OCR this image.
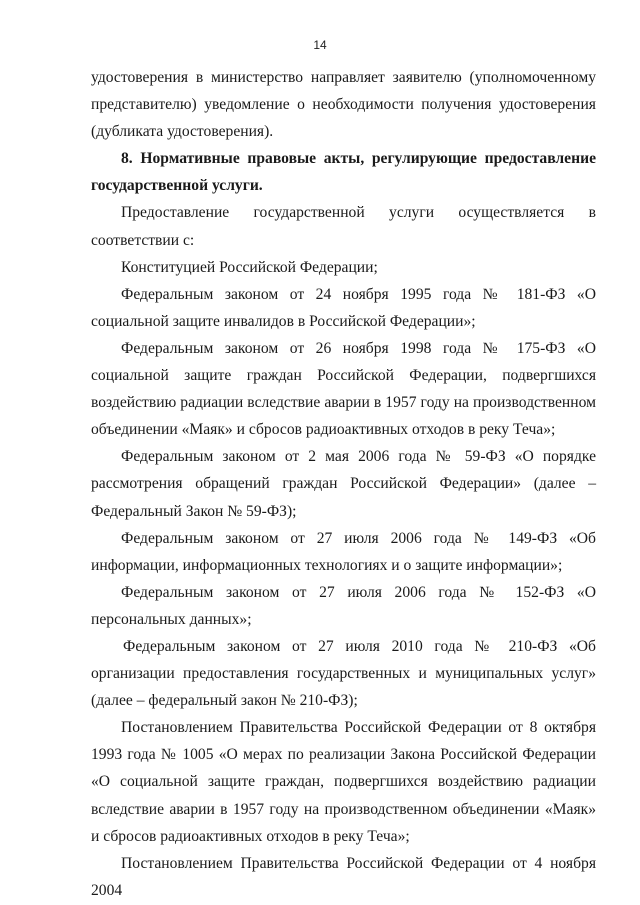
14

удостоверения в министерство направляет заявителю (уполномоченному представителю) уведомление о необходимости получения удостоверения (дубликата удостоверения).

8. Нормативные правовые акты, регулирующие предоставление государственной услуги.

Предоставление государственной услуги осуществляется в соответствии с:

Конституцией Российской Федерации;

Федеральным законом от 24 ноября 1995 года № 181-ФЗ «О социальной защите инвалидов в Российской Федерации»;

Федеральным законом от 26 ноября 1998 года № 175-ФЗ «О социальной защите граждан Российской Федерации, подвергшихся воздействию радиации вследствие аварии в 1957 году на производственном объединении «Маяк» и сбросов радиоактивных отходов в реку Теча»;

Федеральным законом от 2 мая 2006 года № 59-ФЗ «О порядке рассмотрения обращений граждан Российской Федерации» (далее – Федеральный Закон № 59-ФЗ);

Федеральным законом от 27 июля 2006 года № 149-ФЗ «Об информации, информационных технологиях и о защите информации»;

Федеральным законом от 27 июля 2006 года № 152-ФЗ «О персональных данных»;

Федеральным законом от 27 июля 2010 года № 210-ФЗ «Об организации предоставления государственных и муниципальных услуг» (далее – федеральный закон № 210-ФЗ);

Постановлением Правительства Российской Федерации от 8 октября 1993 года № 1005 «О мерах по реализации Закона Российской Федерации «О социальной защите граждан, подвергшихся воздействию радиации вследствие аварии в 1957 году на производственном объединении «Маяк» и сбросов радиоактивных отходов в реку Теча»;

Постановлением Правительства Российской Федерации от 4 ноября 2004
